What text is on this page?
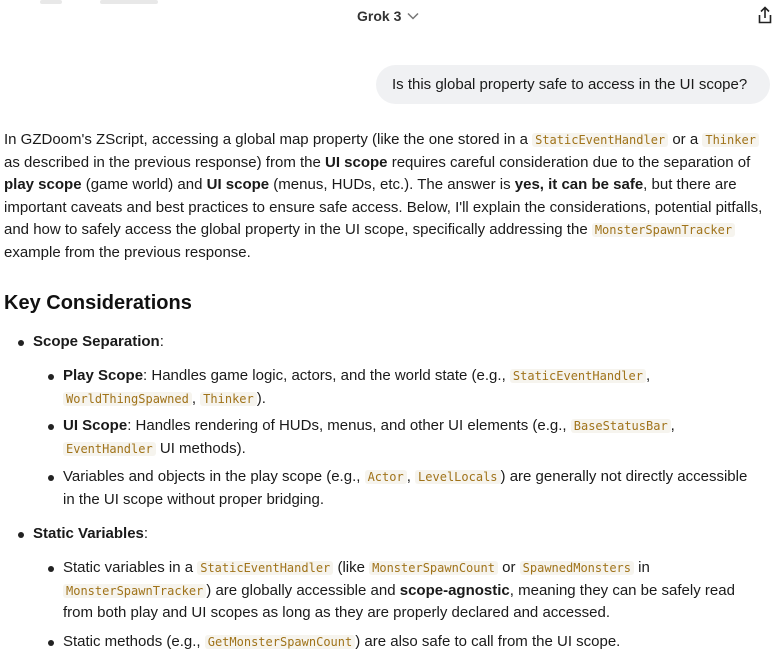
Grok 3
Is this global property safe to access in the UI scope?

In GZDoom's ZScript, accessing a global map property (like the one stored in a StaticEventHandler or a Thinker as described in the previous response) from the UI scope requires careful consideration due to the separation of play scope (game world) and UI scope (menus, HUDs, etc.). The answer is yes, it can be safe, but there are important caveats and best practices to ensure safe access. Below, I'll explain the considerations, potential pitfalls, and how to safely access the global property in the UI scope, specifically addressing the MonsterSpawnTracker example from the previous response.

Key Considerations
Scope Separation:
Play Scope: Handles game logic, actors, and the world state (e.g., StaticEventHandler , WorldThingSpawned , Thinker ).
UI Scope: Handles rendering of HUDs, menus, and other UI elements (e.g., BaseStatusBar , EventHandler UI methods).
Variables and objects in the play scope (e.g., Actor , LevelLocals ) are generally not directly accessible in the UI scope without proper bridging.
Static Variables:
Static variables in a StaticEventHandler (like MonsterSpawnCount or SpawnedMonsters in MonsterSpawnTracker ) are globally accessible and scope-agnostic, meaning they can be safely read from both play and UI scopes as long as they are properly declared and accessed.
Static methods (e.g., GetMonsterSpawnCount ) are also safe to call from the UI scope.
